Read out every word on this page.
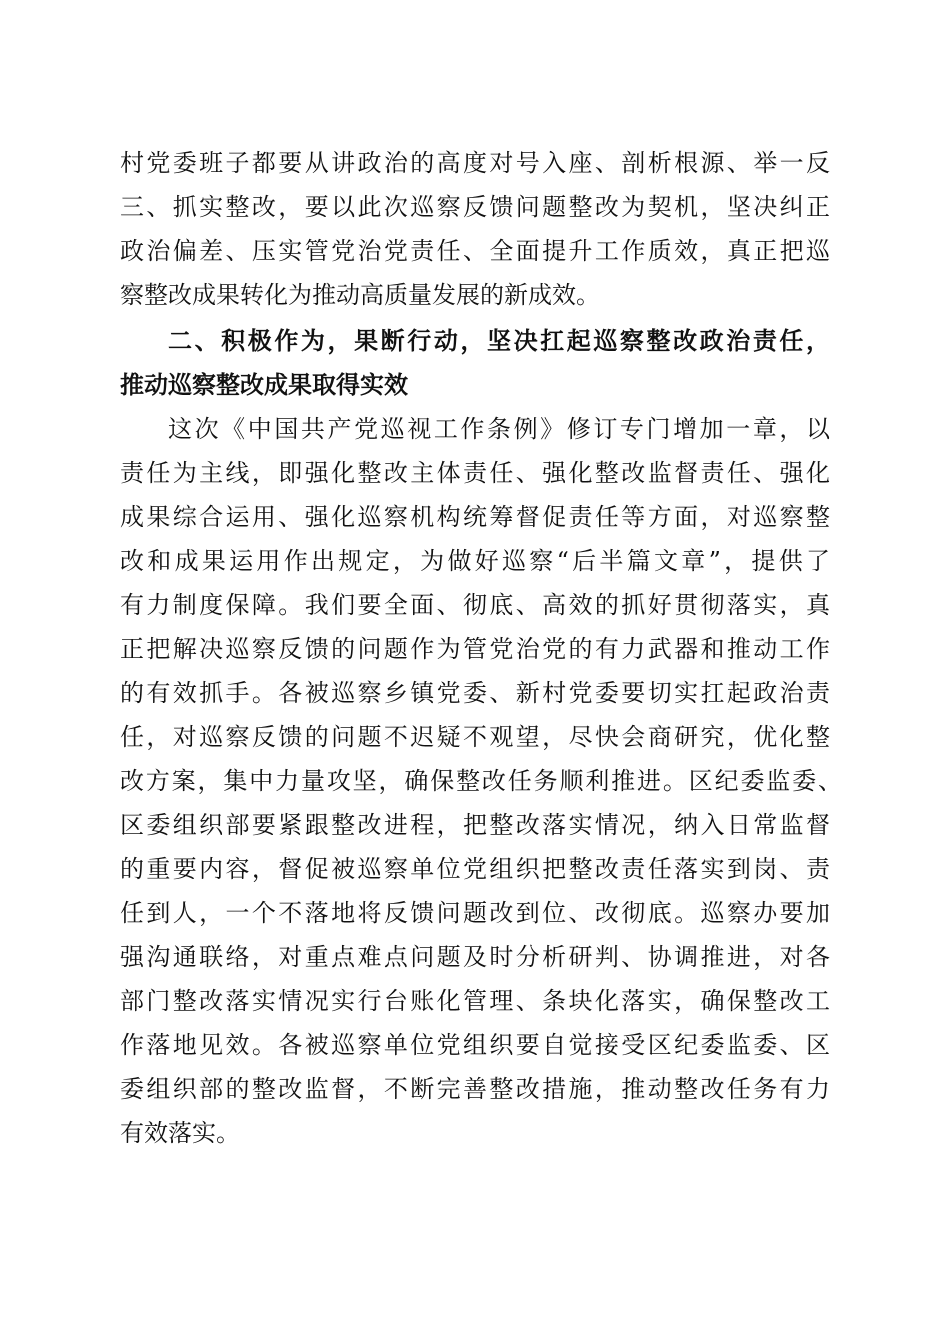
村党委班子都要从讲政治的高度对号入座、剖析根源、举一反
三、抓实整改，要以此次巡察反馈问题整改为契机，坚决纠正
政治偏差、压实管党治党责任、全面提升工作质效，真正把巡
察整改成果转化为推动高质量发展的新成效。
二、积极作为，果断行动，坚决扛起巡察整改政治责任，
推动巡察整改成果取得实效
这次《中国共产党巡视工作条例》修订专门增加一章，以
责任为主线，即强化整改主体责任、强化整改监督责任、强化
成果综合运用、强化巡察机构统筹督促责任等方面，对巡察整
改和成果运用作出规定，为做好巡察“后半篇文章”，提供了
有力制度保障。我们要全面、彻底、高效的抓好贯彻落实，真
正把解决巡察反馈的问题作为管党治党的有力武器和推动工作
的有效抓手。各被巡察乡镇党委、新村党委要切实扛起政治责
任，对巡察反馈的问题不迟疑不观望，尽快会商研究，优化整
改方案，集中力量攻坚，确保整改任务顺利推进。区纪委监委、
区委组织部要紧跟整改进程，把整改落实情况，纳入日常监督
的重要内容，督促被巡察单位党组织把整改责任落实到岗、责
任到人，一个不落地将反馈问题改到位、改彻底。巡察办要加
强沟通联络，对重点难点问题及时分析研判、协调推进，对各
部门整改落实情况实行台账化管理、条块化落实，确保整改工
作落地见效。各被巡察单位党组织要自觉接受区纪委监委、区
委组织部的整改监督，不断完善整改措施，推动整改任务有力
有效落实。
